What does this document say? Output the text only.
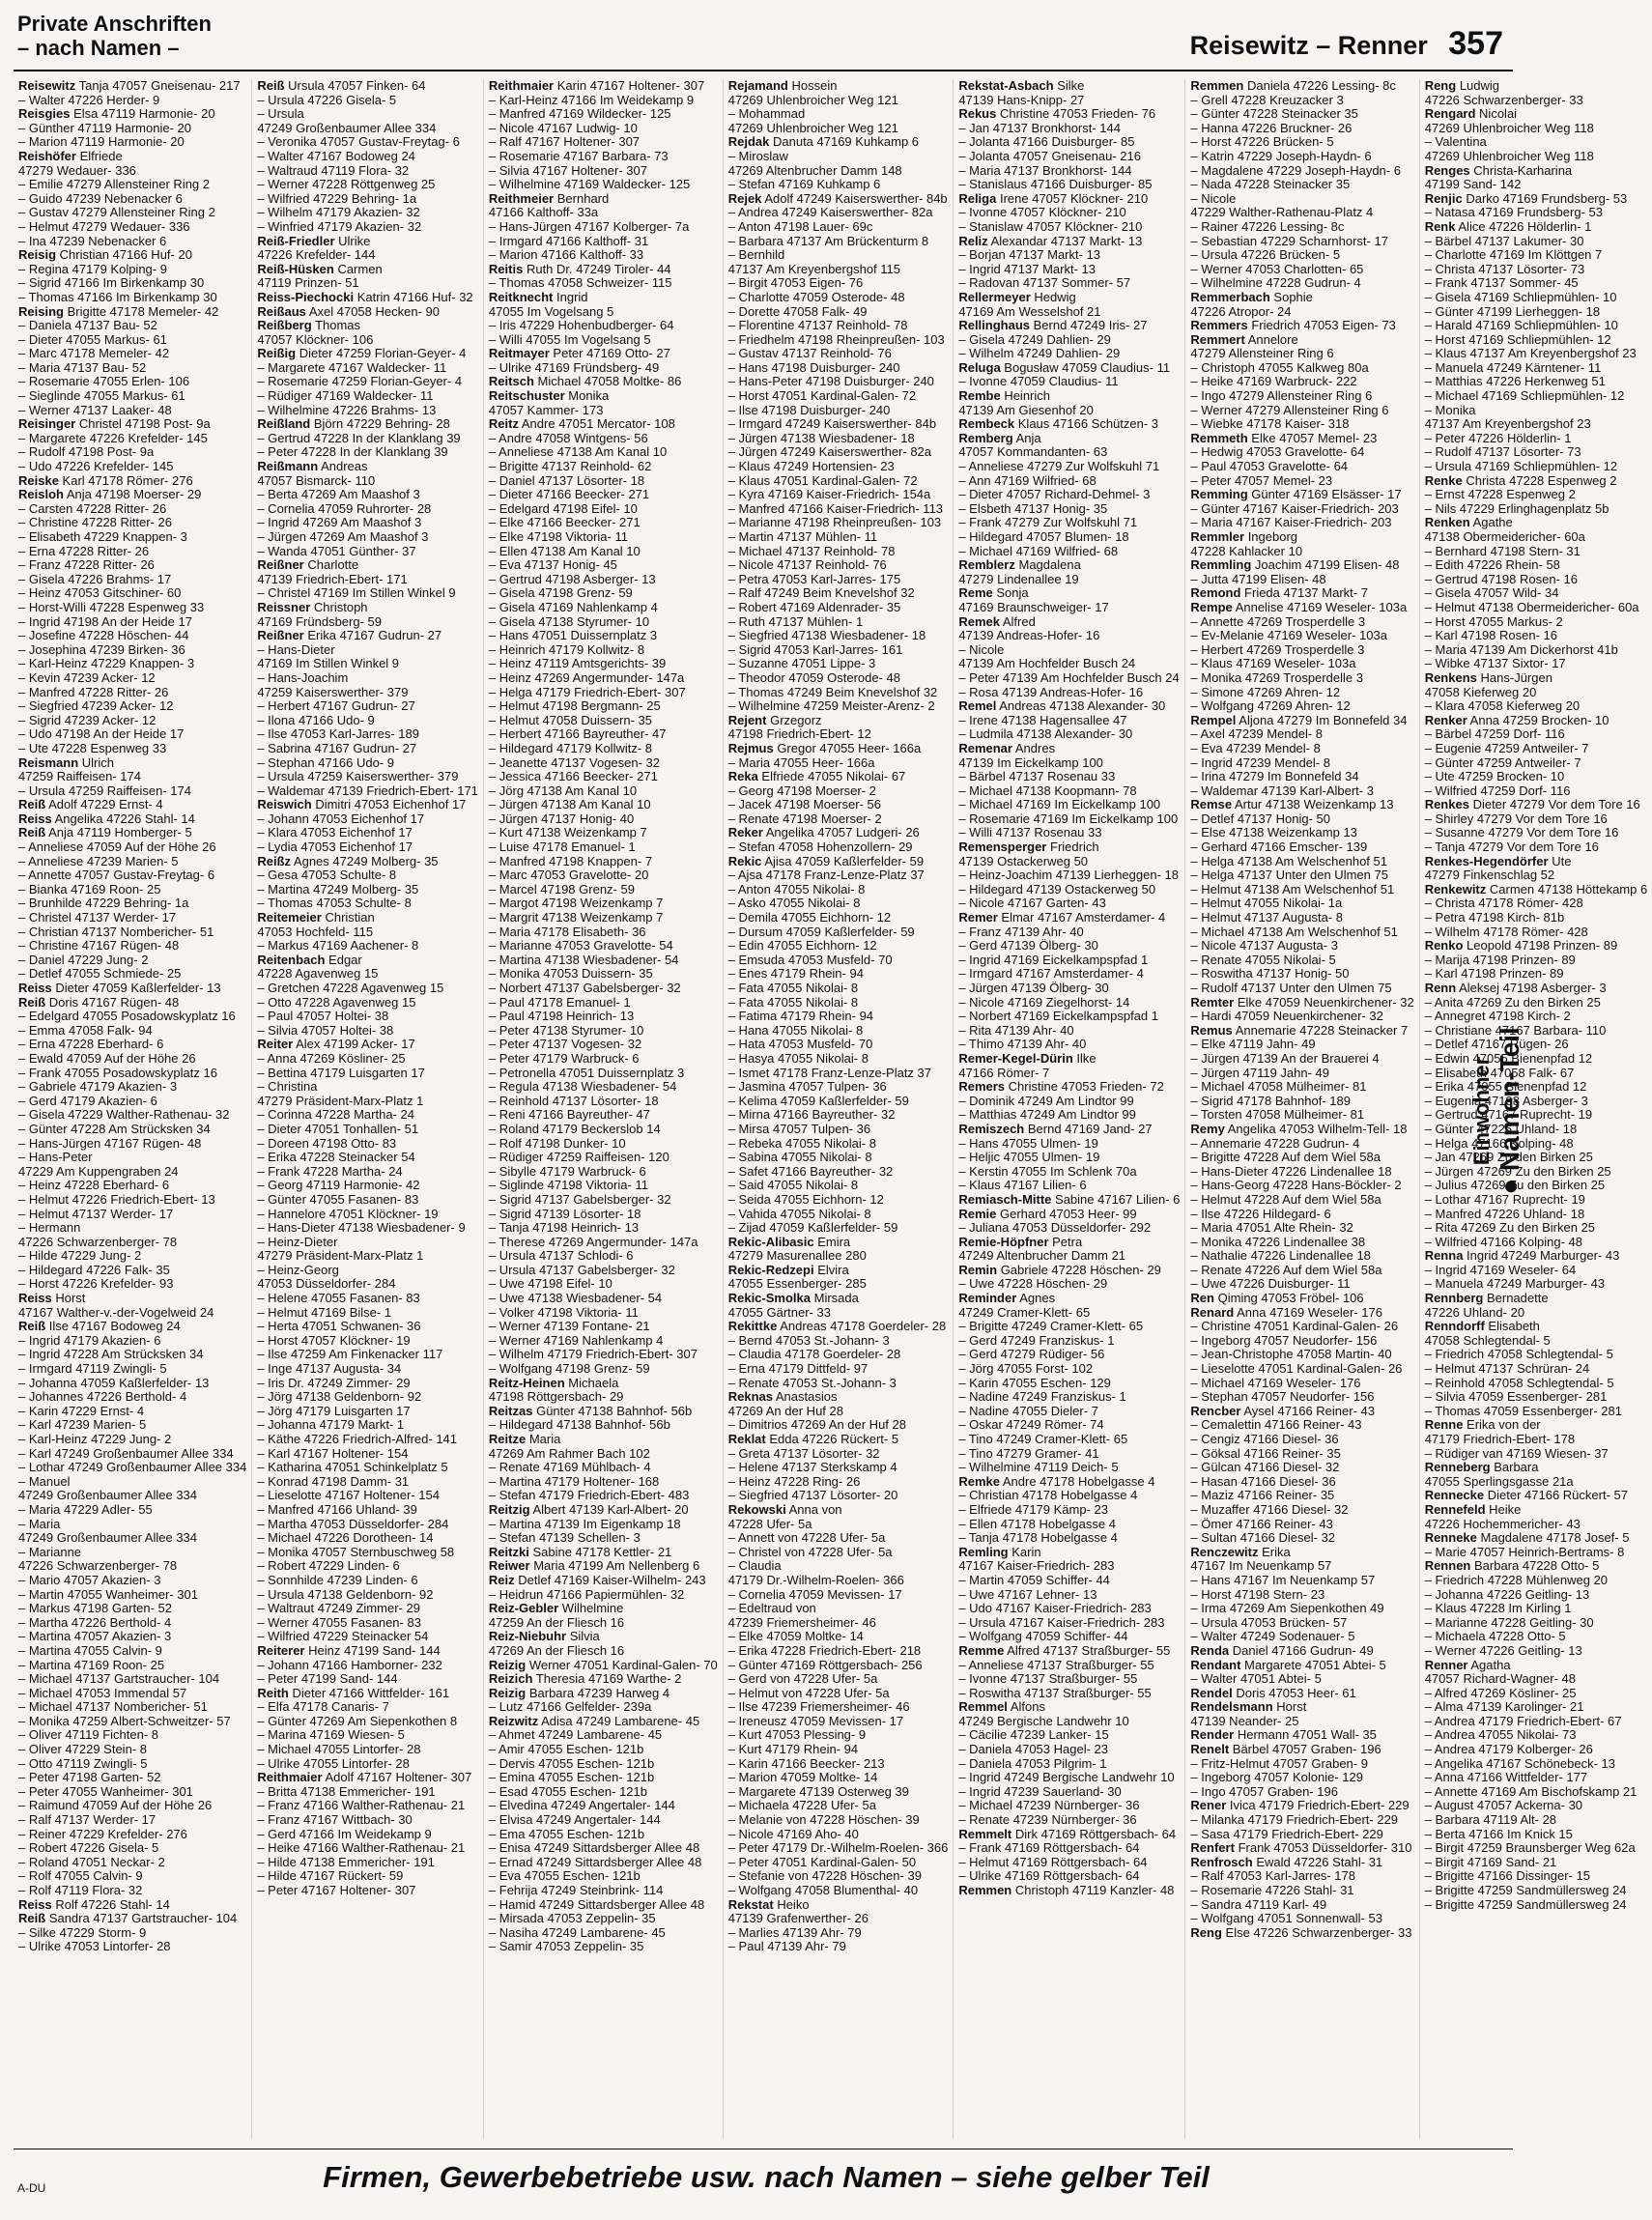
Private Anschriften
– nach Namen –	Reisewitz – Renner 357
Reisewitz Tanja 47057 Gneisenau- 217
– Walter 47226 Herder- 9
Reisgies Elsa 47119 Harmonie- 20
– Günther 47119 Harmonie- 20
– Marion 47119 Harmonie- 20
Reishöfer Elfriede
47279 Wedauer- 336
– Emilie 47279 Allensteiner Ring 2
– Guido 47239 Nebenacker 6
– Gustav 47279 Allensteiner Ring 2
– Helmut 47279 Wedauer- 336
– Ina 47239 Nebenacker 6
Reisig Christian 47166 Huf- 20
– Regina 47179 Kolping- 9
– Sigrid 47166 Im Birkenkamp 30
– Thomas 47166 Im Birkenkamp 30
Reising Brigitte 47178 Memeler- 42
– Daniela 47137 Bau- 52
– Dieter 47055 Markus- 61
– Marc 47178 Memeler- 42
– Maria 47137 Bau- 52
– Rosemarie 47055 Erlen- 106
– Sieglinde 47055 Markus- 61
– Werner 47137 Laaker- 48
Reisinger Christel 47198 Post- 9a
– Margarete 47226 Krefelder- 145
– Rudolf 47198 Post- 9a
– Udo 47226 Krefelder- 145
Reiske Karl 47178 Römer- 276
Reisloh Anja 47198 Moerser- 29
– Carsten 47228 Ritter- 26
– Christine 47228 Ritter- 26
– Elisabeth 47229 Knappen- 3
– Erna 47228 Ritter- 26
– Franz 47228 Ritter- 26
– Gisela 47226 Brahms- 17
– Heinz 47053 Gitschiner- 60
– Horst-Willi 47228 Espenweg 33
– Ingrid 47198 An der Heide 17
– Josefine 47228 Höschen- 44
– Josephina 47239 Birken- 36
– Karl-Heinz 47229 Knappen- 3
– Kevin 47239 Acker- 12
– Manfred 47228 Ritter- 26
– Siegfried 47239 Acker- 12
– Sigrid 47239 Acker- 12
– Udo 47198 An der Heide 17
– Ute 47228 Espenweg 33
Reismann Ulrich
47259 Raiffeisen- 174
– Ursula 47259 Raiffeisen- 174
Reiß Adolf 47229 Ernst- 4
Reiss Angelika 47226 Stahl- 14
Reiß Anja 47119 Homberger- 5
– Anneliese 47059 Auf der Höhe 26
– Anneliese 47239 Marien- 5
– Annette 47057 Gustav-Freytag- 6
– Bianka 47169 Roon- 25
– Brunhilde 47229 Behring- 1a
– Christel 47137 Werder- 17
– Christian 47137 Nombericher- 51
– Christine 47167 Rügen- 48
– Daniel 47229 Jung- 2
– Detlef 47055 Schmiede- 25
Reiss Dieter 47059 Kaßlerfelder- 13
Reiß Doris 47167 Rügen- 48
– Edelgard 47055 Posadowskyplatz 16
– Emma 47058 Falk- 94
– Erna 47228 Eberhard- 6
– Ewald 47059 Auf der Höhe 26
– Frank 47055 Posadowskyplatz 16
– Gabriele 47179 Akazien- 3
– Gerd 47179 Akazien- 6
– Gisela 47229 Walther-Rathenau- 32
– Günter 47228 Am Strücksken 34
– Hans-Jürgen 47167 Rügen- 48
– Hans-Peter
47229 Am Kuppengraben 24
– Heinz 47228 Eberhard- 6
– Helmut 47226 Friedrich-Ebert- 13
– Helmut 47137 Werder- 17
– Hermann
47226 Schwarzenberger- 78
– Hilde 47229 Jung- 2
– Hildegard 47226 Falk- 35
– Horst 47226 Krefelder- 93
Reiss Horst
47167 Walther-v.-der-Vogelweid 24
Reiß Ilse 47167 Bodoweg 24
– Ingrid 47179 Akazien- 6
– Ingrid 47228 Am Strücksken 34
– Irmgard 47119 Zwingli- 5
– Johanna 47059 Kaßlerfelder- 13
– Johannes 47226 Berthold- 4
– Karin 47229 Ernst- 4
– Karl 47239 Marien- 5
– Karl-Heinz 47229 Jung- 2
– Karl 47249 Großenbaumer Allee 334
– Lothar 47249 Großenbaumer Allee 334
– Manuel
47249 Großenbaumer Allee 334
– Maria 47229 Adler- 55
– Maria
47249 Großenbaumer Allee 334
– Marianne
47226 Schwarzenberger- 78
– Mario 47057 Akazien- 3
– Martin 47055 Wanheimer- 301
– Markus 47198 Garten- 52
– Martha 47226 Berthold- 4
– Martina 47057 Akazien- 3
– Martina 47055 Calvin- 9
– Martina 47169 Roon- 25
– Michael 47137 Gartstraucher- 104
– Michael 47053 Immendal 57
– Michael 47137 Nombericher- 51
– Monika 47259 Albert-Schweitzer- 57
– Oliver 47119 Fichten- 8
– Oliver 47229 Stein- 8
– Otto 47119 Zwingli- 5
– Peter 47198 Garten- 52
– Peter 47055 Wanheimer- 301
– Raimund 47059 Auf der Höhe 26
– Ralf 47137 Werder- 17
– Reiner 47229 Krefelder- 276
– Robert 47226 Gisela- 5
– Roland 47051 Neckar- 2
– Rolf 47055 Calvin- 9
– Rolf 47119 Flora- 32
Reiss Rolf 47226 Stahl- 14
Reiß Sandra 47137 Gartstraucher- 104
– Silke 47229 Storm- 9
– Ulrike 47053 Lintorfer- 28
Reiß Ursula 47057 Finken- 64
– Ursula 47226 Gisela- 5
– Ursula
47249 Großenbaumer Allee 334
– Veronika 47057 Gustav-Freytag- 6
– Walter 47167 Bodoweg 24
– Waltraud 47119 Flora- 32
– Werner 47228 Röttgenweg 25
– Wilfried 47229 Behring- 1a
– Wilhelm 47179 Akazien- 32
– Winfried 47179 Akazien- 32
Reiß-Friedler Ulrike
47226 Krefelder- 144
Reiß-Hüsken Carmen
47119 Prinzen- 51
Reiss-Piechocki Katrin 47166 Huf- 32
Reißaus Axel 47058 Hecken- 90
Reißberg Thomas
47057 Klöckner- 106
Reißig Dieter 47259 Florian-Geyer- 4
– Margarete 47167 Waldecker- 11
– Rosemarie 47259 Florian-Geyer- 4
– Rüdiger 47169 Waldecker- 11
– Wilhelmine 47226 Brahms- 13
Reißland Björn 47229 Behring- 28
– Gertrud 47228 In der Klanklang 39
– Peter 47228 In der Klanklang 39
Reißmann Andreas
47057 Bismarck- 110
– Berta 47269 Am Maashof 3
– Cornelia 47059 Ruhrorter- 28
– Ingrid 47269 Am Maashof 3
– Jürgen 47269 Am Maashof 3
– Wanda 47051 Günther- 37
Reißner Charlotte
47139 Friedrich-Ebert- 171
– Christel 47169 Im Stillen Winkel 9
Reissner Christoph
47169 Fründsberg- 59
Reißner Erika 47167 Gudrun- 27
– Hans-Dieter
47169 Im Stillen Winkel 9
– Hans-Joachim
47259 Kaiserswerther- 379
– Herbert 47167 Gudrun- 27
– Ilona 47166 Udo- 9
– Ilse 47053 Karl-Jarres- 189
– Sabrina 47167 Gudrun- 27
– Stephan 47166 Udo- 9
– Ursula 47259 Kaiserswerther- 379
– Waldemar 47139 Friedrich-Ebert- 171
Reiswich Dimitri 47053 Eichenhof 17
– Johann 47053 Eichenhof 17
– Klara 47053 Eichenhof 17
– Lydia 47053 Eichenhof 17
Reißz Agnes 47249 Molberg- 35
– Gesa 47053 Schulte- 8
– Martina 47249 Molberg- 35
– Thomas 47053 Schulte- 8
Reitemeier Christian
47053 Hochfeld- 115
– Markus 47169 Aachener- 8
Reitenbach Edgar
47228 Agavenweg 15
– Gretchen 47228 Agavenweg 15
– Otto 47228 Agavenweg 15
– Paul 47057 Holtei- 38
– Silvia 47057 Holtei- 38
Reiter Alex 47199 Acker- 17
– Anna 47269 Kösliner- 25
– Bettina 47179 Luisgarten 17
– Christina
47279 Präsident-Marx-Platz 1
– Corinna 47228 Martha- 24
– Dieter 47051 Tonhallen- 51
– Doreen 47198 Otto- 83
– Erika 47228 Steinacker 54
– Frank 47228 Martha- 24
– Georg 47119 Harmonie- 42
– Günter 47055 Fasanen- 83
– Hannelore 47051 Klöckner- 19
– Hans-Dieter 47138 Wiesbadener- 9
– Heinz-Dieter
47279 Präsident-Marx-Platz 1
– Heinz-Georg
47053 Düsseldorfer- 284
– Helene 47055 Fasanen- 83
– Helmut 47169 Bilse- 1
– Herta 47051 Schwanen- 36
– Horst 47057 Klöckner- 19
– Ilse 47259 Am Finkenacker 117
– Inge 47137 Augusta- 34
– Iris Dr. 47249 Zimmer- 29
– Jörg 47138 Geldenborn- 92
– Jörg 47179 Luisgarten 17
– Johanna 47179 Markt- 1
– Käthe 47226 Friedrich-Alfred- 141
– Karl 47167 Holtener- 154
– Katharina 47051 Schinkelplatz 5
– Konrad 47198 Damm- 31
– Lieselotte 47167 Holtener- 154
– Manfred 47166 Uhland- 39
– Martha 47053 Düsseldorfer- 284
– Michael 47226 Dorotheen- 14
– Monika 47057 Sternbuschweg 58
– Robert 47229 Linden- 6
– Sonnhilde 47239 Linden- 6
– Ursula 47138 Geldenborn- 92
– Waltraut 47249 Zimmer- 29
– Werner 47055 Fasanen- 83
– Wilfried 47229 Steinacker 54
Reiterer Heinz 47199 Sand- 144
– Johann 47166 Hamborner- 232
– Peter 47199 Sand- 144
Reith Dieter 47166 Wittfelder- 161
– Elfa 47178 Canaris- 7
– Günter 47269 Am Siepenkothen 8
– Marina 47169 Wiesen- 5
– Michael 47055 Lintorfer- 28
– Ulrike 47055 Lintorfer- 28
Reithmaier Adolf 47167 Holtener- 307
– Britta 47138 Emmericher- 191
– Franz 47166 Walther-Rathenau- 21
– Franz 47167 Wittbach- 30
– Gerd 47166 Im Weidekamp 9
– Heike 47166 Walther-Rathenau- 21
– Hilde 47138 Emmericher- 191
– Hilde 47167 Rückert- 59
– Peter 47167 Holtener- 307
Reithmaier Karin 47167 Holtener- 307
– Karl-Heinz 47166 Im Weidekamp 9
– Manfred 47169 Wildecker- 125
– Nicole 47167 Ludwig- 10
– Ralf 47167 Holtener- 307
– Rosemarie 47167 Barbara- 73
– Silvia 47167 Holtener- 307
– Wilhelmine 47169 Waldecker- 125
Reithmeier Bernhard
47166 Kalthoff- 33a
– Hans-Jürgen 47167 Kolberger- 7a
– Irmgard 47166 Kalthoff- 31
– Marion 47166 Kalthoff- 33
Reitis Ruth Dr. 47249 Tiroler- 44
– Thomas 47058 Schweizer- 115
Reitknecht Ingrid
47055 Im Vogelsang 5
– Iris 47229 Hohenbudberger- 64
– Willi 47055 Im Vogelsang 5
Reitmayer Peter 47169 Otto- 27
– Ulrike 47169 Fründsberg- 49
Reitsch Michael 47058 Moltke- 86
Reitschuster Monika
47057 Kammer- 173
Reitz Andre 47051 Mercator- 108
– Andre 47058 Wintgens- 56
– Anneliese 47138 Am Kanal 10
– Brigitte 47137 Reinhold- 62
– Daniel 47137 Lösorter- 18
– Dieter 47166 Beecker- 271
– Edelgard 47198 Eifel- 10
– Elke 47166 Beecker- 271
– Elke 47198 Viktoria- 11
– Ellen 47138 Am Kanal 10
– Eva 47137 Honig- 45
– Gertrud 47198 Asberger- 13
– Gisela 47198 Grenz- 59
– Gisela 47169 Nahlenkamp 4
– Gisela 47138 Styrumer- 10
– Hans 47051 Duissernplatz 3
– Heinrich 47179 Kollwitz- 8
– Heinz 47119 Amtsgerichts- 39
– Heinz 47269 Angermunder- 147a
– Helga 47179 Friedrich-Ebert- 307
– Helmut 47198 Bergmann- 25
– Helmut 47058 Duissern- 35
– Herbert 47166 Bayreuther- 47
– Hildegard 47179 Kollwitz- 8
– Jeanette 47137 Vogesen- 32
– Jessica 47166 Beecker- 271
– Jörg 47138 Am Kanal 10
– Jürgen 47138 Am Kanal 10
– Jürgen 47137 Honig- 40
– Kurt 47138 Weizenkamp 7
– Luise 47178 Emanuel- 1
– Manfred 47198 Knappen- 7
– Marc 47053 Gravelotte- 20
– Marcel 47198 Grenz- 59
– Margot 47198 Weizenkamp 7
– Margrit 47138 Weizenkamp 7
– Maria 47178 Elisabeth- 36
– Marianne 47053 Gravelotte- 54
– Martina 47138 Wiesbadener- 54
– Monika 47053 Duissern- 35
– Norbert 47137 Gabelsberger- 32
– Paul 47178 Emanuel- 1
– Paul 47198 Heinrich- 13
– Peter 47138 Styrumer- 10
– Peter 47137 Vogesen- 32
– Peter 47179 Warbruck- 6
– Petronella 47051 Duissernplatz 3
– Regula 47138 Wiesbadener- 54
– Reinhold 47137 Lösorter- 18
– Reni 47166 Bayreuther- 47
– Roland 47179 Beckerslob 14
– Rolf 47198 Dunker- 10
– Rüdiger 47259 Raiffeisen- 120
– Sibylle 47179 Warbruck- 6
– Siglinde 47198 Viktoria- 11
– Sigrid 47137 Gabelsberger- 32
– Sigrid 47139 Lösorter- 18
– Tanja 47198 Heinrich- 13
– Therese 47269 Angermunder- 147a
– Ursula 47137 Schlodi- 6
– Ursula 47137 Gabelsberger- 32
– Uwe 47198 Eifel- 10
– Uwe 47138 Wiesbadener- 54
– Volker 47198 Viktoria- 11
– Werner 47139 Fontane- 21
– Werner 47169 Nahlenkamp 4
– Wilhelm 47179 Friedrich-Ebert- 307
– Wolfgang 47198 Grenz- 59
Reitz-Heinen Michaela
47198 Röttgersbach- 29
Reitzas Günter 47138 Bahnhof- 56b
– Hildegard 47138 Bahnhof- 56b
Reitze Maria
47269 Am Rahmer Bach 102
– Renate 47169 Mühlbach- 4
– Martina 47179 Holtener- 168
– Stefan 47179 Friedrich-Ebert- 483
Reitzig Albert 47139 Karl-Albert- 20
– Martina 47139 Im Eigenkamp 18
– Stefan 47139 Schellen- 3
Reitzki Sabine 47178 Kettler- 21
Reiwer Maria 47199 Am Nellenberg 6
Reiz Detlef 47169 Kaiser-Wilhelm- 243
– Heidrun 47166 Papiermühlen- 32
Reiz-Gebler Wilhelmine
47259 An der Fliesch 16
Reiz-Niebuhr Silvia
47269 An der Fliesch 16
Reizig Werner 47051 Kardinal-Galen- 70
Reizich Theresia 47169 Warthe- 2
Reizig Barbara 47239 Harweg 4
– Lutz 47166 Gelfelder- 239a
Reizwitz Adisa 47249 Lambarene- 45
– Ahmet 47249 Lambarene- 45
– Amir 47055 Eschen- 121b
– Dervis 47055 Eschen- 121b
– Emina 47055 Eschen- 121b
– Esad 47055 Eschen- 121b
– Elvedina 47249 Angertaler- 144
– Elvisa 47249 Angertaler- 144
– Ema 47055 Eschen- 121b
– Enisa 47249 Sittardsberger Allee 48
– Ernad 47249 Sittardsberger Allee 48
– Eva 47055 Eschen- 121b
– Fehrija 47249 Steinbrink- 114
– Hamid 47249 Sittardsberger Allee 48
– Mirsada 47053 Zeppelin- 35
– Nasiha 47249 Lambarene- 45
– Samir 47053 Zeppelin- 35
Rejamand Hossein
47269 Uhlenbroicher Weg 121
– Mohammad
47269 Uhlenbroicher Weg 121
Rejdak Danuta 47169 Kuhkamp 6
– Miroslaw
47269 Altenbrucher Damm 148
– Stefan 47169 Kuhkamp 6
Rejek Adolf 47249 Kaiserswerther- 84b
– Andrea 47249 Kaiserswerther- 82a
– Anton 47198 Lauer- 69c
– Barbara 47137 Am Brückenturm 8
– Bernhild
47137 Am Kreyenbergshof 115
– Birgit 47053 Eigen- 76
– Charlotte 47059 Osterode- 48
– Dorette 47058 Falk- 49
– Florentine 47137 Reinhold- 78
– Friedhelm 47198 Rheinpreußen- 103
– Gustav 47137 Reinhold- 76
– Hans 47198 Duisburger- 240
– Hans-Peter 47198 Duisburger- 240
– Horst 47051 Kardinal-Galen- 72
– Ilse 47198 Duisburger- 240
– Irmgard 47249 Kaiserswerther- 84b
– Jürgen 47138 Wiesbadener- 18
– Jürgen 47249 Kaiserswerther- 82a
– Klaus 47249 Hortensien- 23
– Klaus 47051 Kardinal-Galen- 72
– Kyra 47169 Kaiser-Friedrich- 154a
– Manfred 47166 Kaiser-Friedrich- 113
– Marianne 47198 Rheinpreußen- 103
– Martin 47137 Mühlen- 11
– Michael 47137 Reinhold- 78
– Nicole 47137 Reinhold- 76
– Petra 47053 Karl-Jarres- 175
– Ralf 47249 Beim Knevelshof 32
– Robert 47169 Aldenrader- 35
– Ruth 47137 Mühlen- 1
– Siegfried 47138 Wiesbadener- 18
– Sigrid 47053 Karl-Jarres- 161
– Suzanne 47051 Lippe- 3
– Theodor 47059 Osterode- 48
– Thomas 47249 Beim Knevelshof 32
– Wilhelmine 47259 Meister-Arenz- 2
Rejent Grzegorz
47198 Friedrich-Ebert- 12
Rejmus Gregor 47055 Heer- 166a
– Maria 47055 Heer- 166a
Reka Elfriede 47055 Nikolai- 67
– Georg 47198 Moerser- 2
– Jacek 47198 Moerser- 56
– Renate 47198 Moerser- 2
Reker Angelika 47057 Ludgeri- 26
– Stefan 47058 Hohenzollern- 29
Rekic Ajisa 47059 Kaßlerfelder- 59
– Ajsa 47178 Franz-Lenze-Platz 37
– Anton 47055 Nikolai- 8
– Asko 47055 Nikolai- 8
– Demila 47055 Eichhorn- 12
– Dursum 47059 Kaßlerfelder- 59
– Edin 47055 Eichhorn- 12
– Emsuda 47053 Musfeld- 70
– Enes 47179 Rhein- 94
– Fata 47055 Nikolai- 8
– Fata 47055 Nikolai- 8
– Fatima 47179 Rhein- 94
– Hana 47055 Nikolai- 8
– Hata 47053 Musfeld- 70
– Hasya 47055 Nikolai- 8
– Ismet 47178 Franz-Lenze-Platz 37
– Jasmina 47057 Tulpen- 36
– Kelima 47059 Kaßlerfelder- 59
– Mirna 47166 Bayreuther- 32
– Mirsa 47057 Tulpen- 36
– Rebeka 47055 Nikolai- 8
– Sabina 47055 Nikolai- 8
– Safet 47166 Bayreuther- 32
– Said 47055 Nikolai- 8
– Seida 47055 Eichhorn- 12
– Vahida 47055 Nikolai- 8
– Zijad 47059 Kaßlerfelder- 59
Rekic-Alibasic Emira
47279 Masurenallee 280
Rekic-Redzepi Elvira
47055 Essenberger- 285
Rekic-Smolka Mirsada
47055 Gärtner- 33
Rekittke Andreas 47178 Goerdeler- 28
– Bernd 47053 St.-Johann- 3
– Claudia 47178 Goerdeler- 28
– Erna 47179 Dittfeld- 97
– Renate 47053 St.-Johann- 3
Reknas Anastasios
47269 An der Huf 28
– Dimitrios 47269 An der Huf 28
Reklat Edda 47226 Rückert- 5
– Greta 47137 Lösorter- 32
– Helene 47137 Sterkskamp 4
– Heinz 47228 Ring- 26
– Siegfried 47137 Lösorter- 20
Rekowski Anna von
47228 Ufer- 5a
– Annett von 47228 Ufer- 5a
– Christel von 47228 Ufer- 5a
– Claudia
47179 Dr.-Wilhelm-Roelen- 366
– Cornelia 47059 Mevissen- 17
– Edeltraud von
47239 Friemersheimer- 46
– Elke 47059 Moltke- 14
– Erika 47228 Friedrich-Ebert- 218
– Günter 47169 Röttgersbach- 256
– Gerd von 47228 Ufer- 5a
– Helmut von 47228 Ufer- 5a
– Ilse 47239 Friemersheimer- 46
– Ireneusz 47059 Mevissen- 17
– Kurt 47053 Plessing- 9
– Kurt 47179 Rhein- 94
– Karin 47166 Beecker- 213
– Marion 47059 Moltke- 14
– Margarete 47139 Osterweg 39
– Michaela 47228 Ufer- 5a
– Melanie von 47228 Höschen- 39
– Nicole 47169 Aho- 40
– Peter 47179 Dr.-Wilhelm-Roelen- 366
– Peter 47051 Kardinal-Galen- 50
– Stefanie von 47228 Höschen- 39
– Wolfgang 47058 Blumenthal- 40
Rekstat Heiko
47139 Grafenwerther- 26
– Marlies 47139 Ahr- 79
– Paul 47139 Ahr- 79
Rekstat-Asbach Silke
47139 Hans-Knipp- 27
Rekus Christine 47053 Frieden- 76
– Jan 47137 Bronkhorst- 144
– Jolanta 47166 Duisburger- 85
– Jolanta 47057 Gneisenau- 216
– Maria 47137 Bronkhorst- 144
– Stanislaus 47166 Duisburger- 85
Religa Irene 47057 Klöckner- 210
– Ivonne 47057 Klöckner- 210
– Stanislaw 47057 Klöckner- 210
Reliz Alexandar 47137 Markt- 13
– Borjan 47137 Markt- 13
– Ingrid 47137 Markt- 13
– Radovan 47137 Sommer- 57
Rellermeyer Hedwig
47169 Am Wesselshof 21
Rellinghaus Bernd 47249 Iris- 27
– Gisela 47249 Dahlien- 29
– Wilhelm 47249 Dahlien- 29
Reluga Bogusław 47059 Claudius- 11
– Ivonne 47059 Claudius- 11
Rembe Heinrich
47139 Am Giesenhof 20
Rembeck Klaus 47166 Schützen- 3
Remberg Anja
47057 Kommandanten- 63
– Anneliese 47279 Zur Wolfskuhl 71
– Ann 47169 Wilfried- 68
– Dieter 47057 Richard-Dehmel- 3
– Elsbeth 47137 Honig- 35
– Frank 47279 Zur Wolfskuhl 71
– Hildegard 47057 Blumen- 18
– Michael 47169 Wilfried- 68
Remblerz Magdalena
47279 Lindenallee 19
Reme Sonja
47169 Braunschweiger- 17
Remek Alfred
47139 Andreas-Hofer- 16
– Nicole
47139 Am Hochfelder Busch 24
– Peter 47139 Am Hochfelder Busch 24
– Rosa 47139 Andreas-Hofer- 16
Remel Andreas 47138 Alexander- 30
– Irene 47138 Hagensallee 47
– Ludmila 47138 Alexander- 30
Remenar Andres
47139 Im Eickelkamp 100
– Bärbel 47137 Rosenau 33
– Michael 47138 Koopmann- 78
– Michael 47169 Im Eickelkamp 100
– Rosemarie 47169 Im Eickelkamp 100
– Willi 47137 Rosenau 33
Remensperger Friedrich
47139 Ostackerweg 50
– Heinz-Joachim 47139 Lierheggen- 18
– Hildegard 47139 Ostackerweg 50
– Nicole 47167 Garten- 43
Remer Elmar 47167 Amsterdamer- 4
– Franz 47139 Ahr- 40
– Gerd 47139 Ölberg- 30
– Ingrid 47169 Eickelkampspfad 1
– Irmgard 47167 Amsterdamer- 4
– Jürgen 47139 Ölberg- 30
– Nicole 47169 Ziegelhorst- 14
– Norbert 47169 Eickelkampspfad 1
– Rita 47139 Ahr- 40
– Thimo 47139 Ahr- 40
Remer-Kegel-Dürin Ilke
47166 Römer- 7
Remers Christine 47053 Frieden- 72
– Dominik 47249 Am Lindtor 99
– Matthias 47249 Am Lindtor 99
Remiszech Bernd 47169 Jand- 27
– Hans 47055 Ulmen- 19
– Heljic 47055 Ulmen- 19
– Kerstin 47055 Im Schlenk 70a
– Klaus 47167 Lilien- 6
Remiasch-Mitte Sabine 47167 Lilien- 6
Remie Gerhard 47053 Heer- 99
– Juliana 47053 Düsseldorfer- 292
Remie-Höpfner Petra
47249 Altenbrucher Damm 21
Remin Gabriele 47228 Höschen- 29
– Uwe 47228 Höschen- 29
Reminder Agnes
47249 Cramer-Klett- 65
– Brigitte 47249 Cramer-Klett- 65
– Gerd 47249 Franziskus- 1
– Gerd 47279 Rüdiger- 56
– Jörg 47055 Forst- 102
– Karin 47055 Eschen- 129
– Nadine 47249 Franziskus- 1
– Nadine 47055 Dieler- 7
– Oskar 47249 Römer- 74
– Tino 47249 Cramer-Klett- 65
– Tino 47279 Gramer- 41
– Wilhelmine 47119 Deich- 5
Remke Andre 47178 Hobelgasse 4
– Christian 47178 Hobelgasse 4
– Elfriede 47179 Kämp- 23
– Ellen 47178 Hobelgasse 4
– Tanja 47178 Hobelgasse 4
Remling Karin
47167 Kaiser-Friedrich- 283
– Martin 47059 Schiffer- 44
– Uwe 47167 Lehner- 13
– Udo 47167 Kaiser-Friedrich- 283
– Ursula 47167 Kaiser-Friedrich- 283
– Wolfgang 47059 Schiffer- 44
Remme Alfred 47137 Straßburger- 55
– Anneliese 47137 Straßburger- 55
– Ivonne 47137 Straßburger- 55
– Roswitha 47137 Straßburger- 55
Remmel Alfons
47249 Bergische Landwehr 10
– Cäcilie 47239 Lanker- 15
– Daniela 47053 Hagel- 23
– Daniela 47053 Pilgrim- 1
– Ingrid 47249 Bergische Landwehr 10
– Ingrid 47239 Sauerland- 30
– Michael 47239 Nürnberger- 36
– Renate 47239 Nürnberger- 36
Remmelt Dirk 47169 Röttgersbach- 64
– Frank 47169 Röttgersbach- 64
– Helmut 47169 Röttgersbach- 64
– Ulrike 47169 Röttgersbach- 64
Remmen Christoph 47119 Kanzler- 48
Remmen Daniela 47226 Lessing- 8c
– Grell 47228 Kreuzacker 3
– Günter 47228 Steinacker 35
– Hanna 47226 Bruckner- 26
– Horst 47226 Brücken- 5
– Katrin 47229 Joseph-Haydn- 6
– Magdalene 47229 Joseph-Haydn- 6
– Nada 47228 Steinacker 35
– Nicole
47229 Walther-Rathenau-Platz 4
– Rainer 47226 Lessing- 8c
– Sebastian 47229 Scharnhorst- 17
– Ursula 47226 Brücken- 5
– Werner 47053 Charlotten- 65
– Wilhelmine 47228 Gudrun- 4
Remmerbach Sophie
47226 Atropor- 24
Remmers Friedrich 47053 Eigen- 73
Remmert Annelore
47279 Allensteiner Ring 6
– Christoph 47055 Kalkweg 80a
– Heike 47169 Warbruck- 222
– Ingo 47279 Allensteiner Ring 6
– Werner 47279 Allensteiner Ring 6
– Wiebke 47178 Kaiser- 318
Remmeth Elke 47057 Memel- 23
– Hedwig 47053 Gravelotte- 64
– Paul 47053 Gravelotte- 64
– Peter 47057 Memel- 23
Remming Günter 47169 Elsässer- 17
– Günter 47167 Kaiser-Friedrich- 203
– Maria 47167 Kaiser-Friedrich- 203
Remmler Ingeborg
47228 Kahlacker 10
Remmling Joachim 47199 Elisen- 48
– Jutta 47199 Elisen- 48
Remond Frieda 47137 Markt- 7
Rempe Annelise 47169 Weseler- 103a
– Annette 47269 Trosperdelle 3
– Ev-Melanie 47169 Weseler- 103a
– Herbert 47269 Trosperdelle 3
– Klaus 47169 Weseler- 103a
– Monika 47269 Trosperdelle 3
– Simone 47269 Ahren- 12
– Wolfgang 47269 Ahren- 12
Rempel Aljona 47279 Im Bonnefeld 34
– Axel 47239 Mendel- 8
– Eva 47239 Mendel- 8
– Ingrid 47239 Mendel- 8
– Irina 47279 Im Bonnefeld 34
– Waldemar 47139 Karl-Albert- 3
Remse Artur 47138 Weizenkamp 13
– Detlef 47137 Honig- 50
– Else 47138 Weizenkamp 13
– Gerhard 47166 Emscher- 139
– Helga 47138 Am Welschenhof 51
– Helga 47137 Unter den Ulmen 75
– Helmut 47138 Am Welschenhof 51
– Helmut 47055 Nikolai- 1a
– Helmut 47137 Augusta- 8
– Michael 47138 Am Welschenhof 51
– Nicole 47137 Augusta- 3
– Renate 47055 Nikolai- 5
– Roswitha 47137 Honig- 50
– Rudolf 47137 Unter den Ulmen 75
Remter Elke 47059 Neuenkirchener- 32
– Hardi 47059 Neuenkirchener- 32
Remus Annemarie 47228 Steinacker 7
– Elke 47119 Jahn- 49
– Jürgen 47139 An der Brauerei 4
– Jürgen 47119 Jahn- 49
– Michael 47058 Mülheimer- 81
– Sigrid 47178 Bahnhof- 189
– Torsten 47058 Mülheimer- 81
Remy Angelika 47053 Wilhelm-Tell- 18
– Annemarie 47228 Gudrun- 4
– Brigitte 47228 Auf dem Wiel 58a
– Hans-Dieter 47226 Lindenallee 18
– Hans-Georg 47228 Hans-Böckler- 2
– Helmut 47228 Auf dem Wiel 58a
– Ilse 47226 Hildegard- 6
– Maria 47051 Alte Rhein- 32
– Monika 47226 Lindenallee 38
– Nathalie 47226 Lindenallee 18
– Renate 47226 Auf dem Wiel 58a
– Uwe 47226 Duisburger- 11
Ren Qiming 47053 Fröbel- 106
Renard Anna 47169 Weseler- 176
– Christine 47051 Kardinal-Galen- 26
– Ingeborg 47057 Neudorfer- 156
– Jean-Christophe 47058 Martin- 40
– Lieselotte 47051 Kardinal-Galen- 26
– Michael 47169 Weseler- 176
– Stephan 47057 Neudorfer- 156
Rencber Aysel 47166 Reiner- 43
– Cemalettin 47166 Reiner- 43
– Cengiz 47166 Diesel- 36
– Göksal 47166 Reiner- 35
– Gülcan 47166 Diesel- 32
– Hasan 47166 Diesel- 36
– Maziz 47166 Reiner- 35
– Muzaffer 47166 Diesel- 32
– Ömer 47166 Reiner- 43
– Sultan 47166 Diesel- 32
Renczewitz Erika
47167 Im Neuenkamp 57
– Hans 47167 Im Neuenkamp 57
– Horst 47198 Stern- 23
– Irma 47269 Am Siepenkothen 49
– Ursula 47053 Brücken- 57
– Walter 47249 Sodenauer- 5
Renda Daniel 47166 Gudrun- 49
Rendant Margarete 47051 Abtei- 5
– Walter 47051 Abtei- 5
Rendel Doris 47053 Heer- 61
Rendelsmann Horst
47139 Neander- 25
Render Hermann 47051 Wall- 35
Renelt Bärbel 47057 Graben- 196
– Fritz-Helmut 47057 Graben- 9
– Ingeborg 47057 Kolonie- 129
– Ingo 47057 Graben- 196
Rener Ivica 47179 Friedrich-Ebert- 229
– Milanka 47179 Friedrich-Ebert- 229
– Sasa 47179 Friedrich-Ebert- 229
Renfert Frank 47053 Düsseldorfer- 310
Renfrosch Ewald 47226 Stahl- 31
– Ralf 47053 Karl-Jarres- 178
– Rosemarie 47226 Stahl- 31
– Sandra 47119 Karl- 49
– Wolfgang 47051 Sonnenwall- 53
Reng Else 47226 Schwarzenberger- 33
Reng Ludwig
47226 Schwarzenberger- 33
Rengard Nicolai
47269 Uhlenbroicher Weg 118
– Valentina
47269 Uhlenbroicher Weg 118
Renges Christa-Karharina
47199 Sand- 142
Renjic Darko 47169 Frundsberg- 53
– Natasa 47169 Frundsberg- 53
Renk Alice 47226 Hölderlin- 1
– Bärbel 47137 Lakumer- 30
– Charlotte 47169 Im Klöttgen 7
– Christa 47137 Lösorter- 73
– Frank 47137 Sommer- 45
– Gisela 47169 Schliepmühlen- 10
– Günter 47199 Lierheggen- 18
– Harald 47169 Schliepmühlen- 10
– Horst 47169 Schliepmühlen- 12
– Klaus 47137 Am Kreyenbergshof 23
– Manuela 47249 Kärntener- 11
– Matthias 47226 Herkenweg 51
– Michael 47169 Schliepmühlen- 12
– Monika
47137 Am Kreyenbergshof 23
– Peter 47226 Hölderlin- 1
– Rudolf 47137 Lösorter- 73
– Ursula 47169 Schliepmühlen- 12
Renke Christa 47228 Espenweg 2
– Ernst 47228 Espenweg 2
– Nils 47229 Erlinghagenplatz 5b
Renken Agathe
47138 Obermeidericher- 60a
– Bernhard 47198 Stern- 31
– Edith 47226 Rhein- 58
– Gertrud 47198 Rosen- 16
– Gisela 47057 Wild- 34
– Helmut 47138 Obermeidericher- 60a
– Horst 47055 Markus- 2
– Karl 47198 Rosen- 16
– Maria 47139 Am Dickerhorst 41b
– Wibke 47137 Sixtor- 17
Renkens Hans-Jürgen
47058 Kieferweg 20
– Klara 47058 Kieferweg 20
Renker Anna 47259 Brocken- 10
– Bärbel 47259 Dorf- 116
– Eugenie 47259 Antweiler- 7
– Günter 47259 Antweiler- 7
– Ute 47259 Brocken- 10
– Wilfried 47259 Dorf- 116
Renkes Dieter 47279 Vor dem Tore 16
– Shirley 47279 Vor dem Tore 16
– Susanne 47279 Vor dem Tore 16
– Tanja 47279 Vor dem Tore 16
Renkes-Hegendörfer Ute
47279 Finkenschlag 52
Renkewitz Carmen 47138 Höttekamp 6
– Christa 47178 Römer- 428
– Petra 47198 Kirch- 81b
– Wilhelm 47178 Römer- 428
Renko Leopold 47198 Prinzen- 89
– Marija 47198 Prinzen- 89
– Karl 47198 Prinzen- 89
Renn Aleksej 47198 Asberger- 3
– Anita 47269 Zu den Birken 25
– Annegret 47198 Kirch- 2
– Christiane 47167 Barbara- 110
– Detlef 47167 Rügen- 26
– Edwin 47055 Bienenpfad 12
– Elisabeth 47058 Falk- 67
– Erika 47055 Bienenpfad 12
– Eugenia 47198 Asberger- 3
– Gertrud 47167 Ruprecht- 19
– Günter 47226 Uhland- 18
– Helga 47166 Kolping- 48
– Jan 47269 Zu den Birken 25
– Jürgen 47269 Zu den Birken 25
– Julius 47269 Zu den Birken 25
– Lothar 47167 Ruprecht- 19
– Manfred 47226 Uhland- 18
– Rita 47269 Zu den Birken 25
– Wilfried 47166 Kolping- 48
Renna Ingrid 47249 Marburger- 43
– Ingrid 47169 Weseler- 64
– Manuela 47249 Marburger- 43
Rennberg Bernadette
47226 Uhland- 20
Renndorff Elisabeth
47058 Schlegtendal- 5
– Friedrich 47058 Schlegtendal- 5
– Helmut 47137 Schrüran- 24
– Reinhold 47058 Schlegtendal- 5
– Silvia 47059 Essenberger- 281
– Thomas 47059 Essenberger- 281
Renne Erika von der
47179 Friedrich-Ebert- 178
– Rüdiger van 47169 Wiesen- 37
Renneberg Barbara
47055 Sperlingsgasse 21a
Rennecke Dieter 47166 Rückert- 57
Rennefeld Heike
47226 Hochemmericher- 43
Renneke Magdalene 47178 Josef- 5
– Marie 47057 Heinrich-Bertrams- 8
Rennen Barbara 47228 Otto- 5
– Friedrich 47228 Mühlenweg 20
– Johanna 47226 Geitling- 13
– Klaus 47228 Im Kirling 1
– Marianne 47228 Geitling- 30
– Michaela 47228 Otto- 5
– Werner 47226 Geitling- 13
Renner Agatha
47057 Richard-Wagner- 48
– Alfred 47269 Kösliner- 25
– Alma 47139 Karolinger- 21
– Andrea 47179 Friedrich-Ebert- 67
– Andrea 47055 Nikolai- 73
– Andrea 47179 Kolberger- 26
– Angelika 47167 Schönebeck- 13
– Anna 47166 Wittfelder- 177
– Annette 47169 Am Bischofskamp 21
– August 47057 Ackerna- 30
– Barbara 47119 Alt- 28
– Berta 47166 Im Knick 15
– Birgit 47259 Braunsberger Weg 62a
– Birgit 47169 Sand- 21
– Brigitte 47166 Dissinger- 15
– Brigitte 47259 Sandmüllersweg 24
– Brigitte 47259 Sandmüllersweg 24
Einwohner ● Namen-Teil
Firmen, Gewerbebetriebe usw. nach Namen – siehe gelber Teil
A-DU
